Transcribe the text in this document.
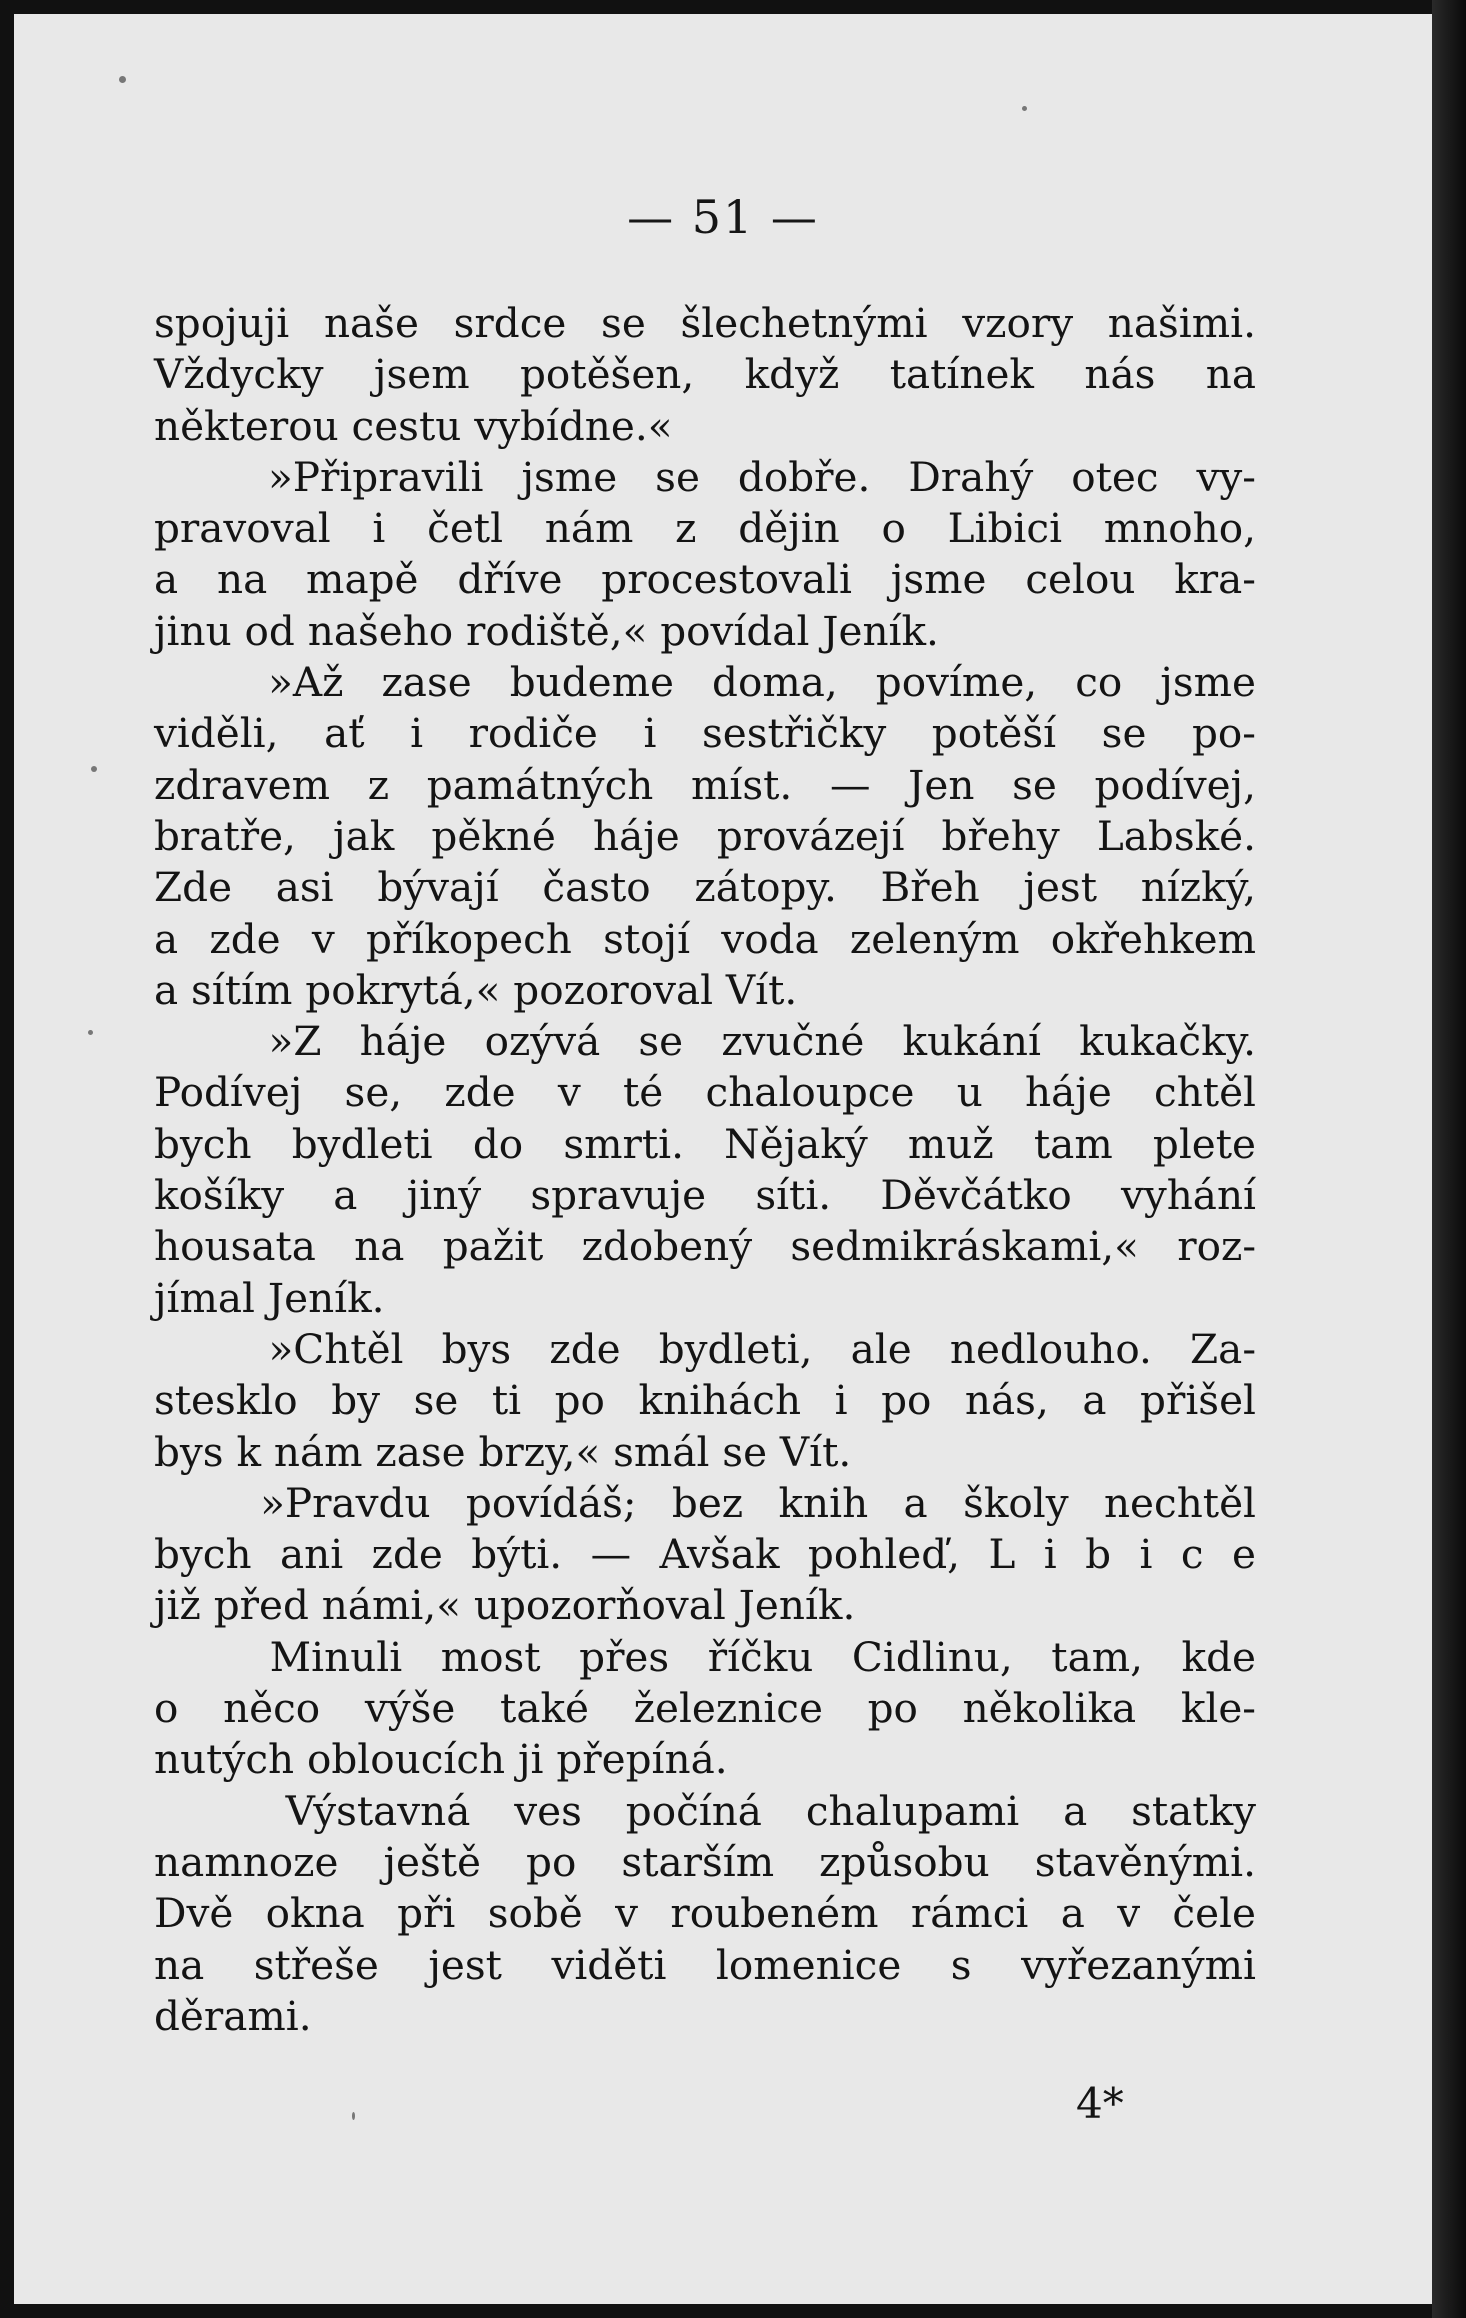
— 51 —
spojuji naše srdce se šlechetnými vzory našimi.
Vždycky jsem potěšen, když tatínek nás na
některou cestu vybídne.«
»Připravili jsme se dobře. Drahý otec vy-
pravoval i četl nám z dějin o Libici mnoho,
a na mapě dříve procestovali jsme celou kra-
jinu od našeho rodiště,« povídal Jeník.
»Až zase budeme doma, povíme, co jsme
viděli, ať i rodiče i sestřičky potěší se po-
zdravem z památných míst. — Jen se podívej,
bratře, jak pěkné háje provázejí břehy Labské.
Zde asi bývají často zátopy. Břeh jest nízký,
a zde v příkopech stojí voda zeleným okřehkem
a sítím pokrytá,« pozoroval Vít.
»Z háje ozývá se zvučné kukání kukačky.
Podívej se, zde v té chaloupce u háje chtěl
bych bydleti do smrti. Nějaký muž tam plete
košíky a jiný spravuje síti. Děvčátko vyhání
housata na pažit zdobený sedmikráskami,« roz-
jímal Jeník.
»Chtěl bys zde bydleti, ale nedlouho. Za-
stesklo by se ti po knihách i po nás, a přišel
bys k nám zase brzy,« smál se Vít.
»Pravdu povídáš; bez knih a školy nechtěl
bych ani zde býti. — Avšak pohleď, L i b i c e
již před námi,« upozorňoval Jeník.
Minuli most přes říčku Cidlinu, tam, kde
o něco výše také železnice po několika kle-
nutých obloucích ji přepíná.
Výstavná ves počíná chalupami a statky
namnoze ještě po starším způsobu stavěnými.
Dvě okna při sobě v roubeném rámci a v čele
na střeše jest viděti lomenice s vyřezanými
děrami.
4*
